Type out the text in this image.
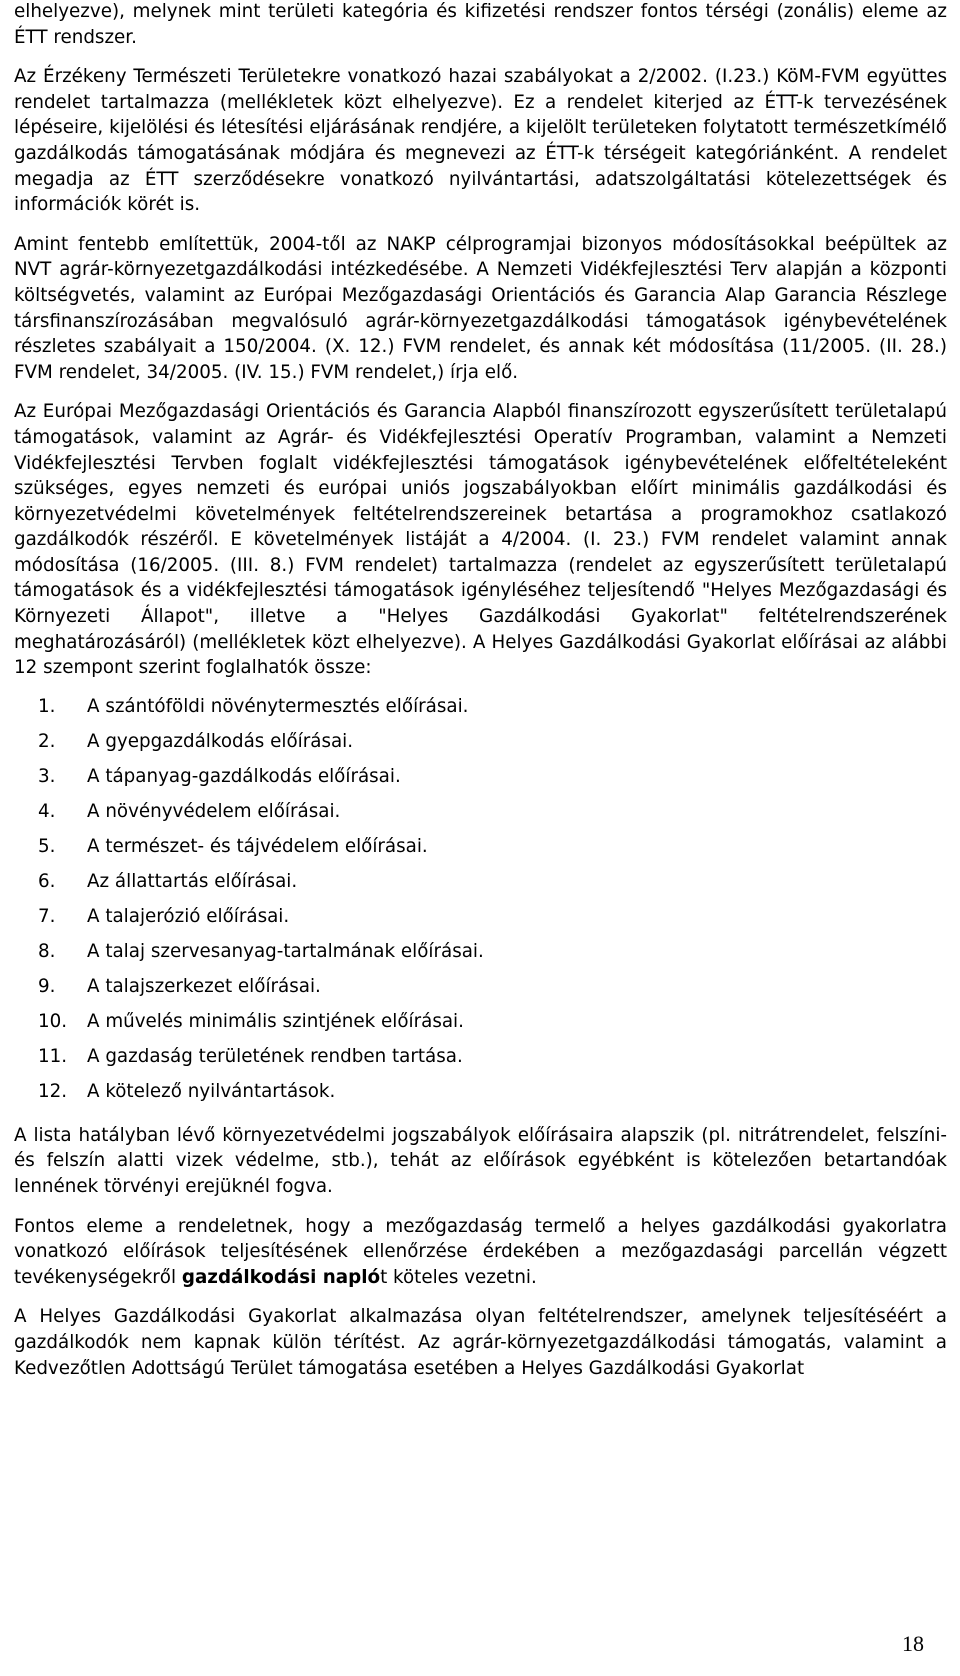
elhelyezve), melynek mint területi kategória és kifizetési rendszer fontos térségi (zonális) eleme az ÉTT rendszer.

Az Érzékeny Természeti Területekre vonatkozó hazai szabályokat a 2/2002. (I.23.) KöM-FVM együttes rendelet tartalmazza (mellékletek közt elhelyezve). Ez a rendelet kiterjed az ÉTT-k tervezésének lépéseire, kijelölési és létesítési eljárásának rendjére, a kijelölt területeken folytatott természetkímélő gazdálkodás támogatásának módjára és megnevezi az ÉTT-k térségeit kategóriánként. A rendelet megadja az ÉTT szerződésekre vonatkozó nyilvántartási, adatszolgáltatási kötelezettségek és információk körét is.

Amint fentebb említettük, 2004-től az NAKP célprogramjai bizonyos módosításokkal beépültek az NVT agrár-környezetgazdálkodási intézkedésébe. A Nemzeti Vidékfejlesztési Terv alapján a központi költségvetés, valamint az Európai Mezőgazdasági Orientációs és Garancia Alap Garancia Részlege társfinanszírozásában megvalósuló agrár-környezetgazdálkodási támogatások igénybevételének részletes szabályait a 150/2004. (X. 12.) FVM rendelet, és annak két módosítása (11/2005. (II. 28.) FVM rendelet, 34/2005. (IV. 15.) FVM rendelet,) írja elő.

Az Európai Mezőgazdasági Orientációs és Garancia Alapból finanszírozott egyszerűsített területalapú támogatások, valamint az Agrár- és Vidékfejlesztési Operatív Programban, valamint a Nemzeti Vidékfejlesztési Tervben foglalt vidékfejlesztési támogatások igénybevételének előfeltételeként szükséges, egyes nemzeti és európai uniós jogszabályokban előírt minimális gazdálkodási és környezetvédelmi követelmények feltételrendszereinek betartása a programokhoz csatlakozó gazdálkodók részéről. E követelmények listáját a 4/2004. (I. 23.) FVM rendelet valamint annak módosítása (16/2005. (III. 8.) FVM rendelet) tartalmazza (rendelet az egyszerűsített területalapú támogatások és a vidékfejlesztési támogatások igényléséhez teljesítendő "Helyes Mezőgazdasági és Környezeti Állapot", illetve a "Helyes Gazdálkodási Gyakorlat" feltételrendszerének meghatározásáról) (mellékletek közt elhelyezve). A Helyes Gazdálkodási Gyakorlat előírásai az alábbi 12 szempont szerint foglalhatók össze:

1.	A szántóföldi növénytermesztés előírásai.
2.	A gyepgazdálkodás előírásai.
3.	A tápanyag-gazdálkodás előírásai.
4.	A növényvédelem előírásai.
5.	A természet- és tájvédelem előírásai.
6.	Az állattartás előírásai.
7.	A talajerózió előírásai.
8.	A talaj szervesanyag-tartalmának előírásai.
9.	A talajszerkezet előírásai.
10.	A művelés minimális szintjének előírásai.
11.	A gazdaság területének rendben tartása.
12.	A kötelező nyilvántartások.

A lista hatályban lévő környezetvédelmi jogszabályok előírásaira alapszik (pl. nitrátrendelet, felszíni- és felszín alatti vizek védelme, stb.), tehát az előírások egyébként is kötelezően betartandóak lennének törvényi erejüknél fogva.

Fontos eleme a rendeletnek, hogy a mezőgazdaság termelő a helyes gazdálkodási gyakorlatra vonatkozó előírások teljesítésének ellenőrzése érdekében a mezőgazdasági parcellán végzett tevékenységekről gazdálkodási naplót köteles vezetni.

A Helyes Gazdálkodási Gyakorlat alkalmazása olyan feltételrendszer, amelynek teljesítéséért a gazdálkodók nem kapnak külön térítést. Az agrár-környezetgazdálkodási támogatás, valamint a Kedvezőtlen Adottságú Terület támogatása esetében a Helyes Gazdálkodási Gyakorlat

18
